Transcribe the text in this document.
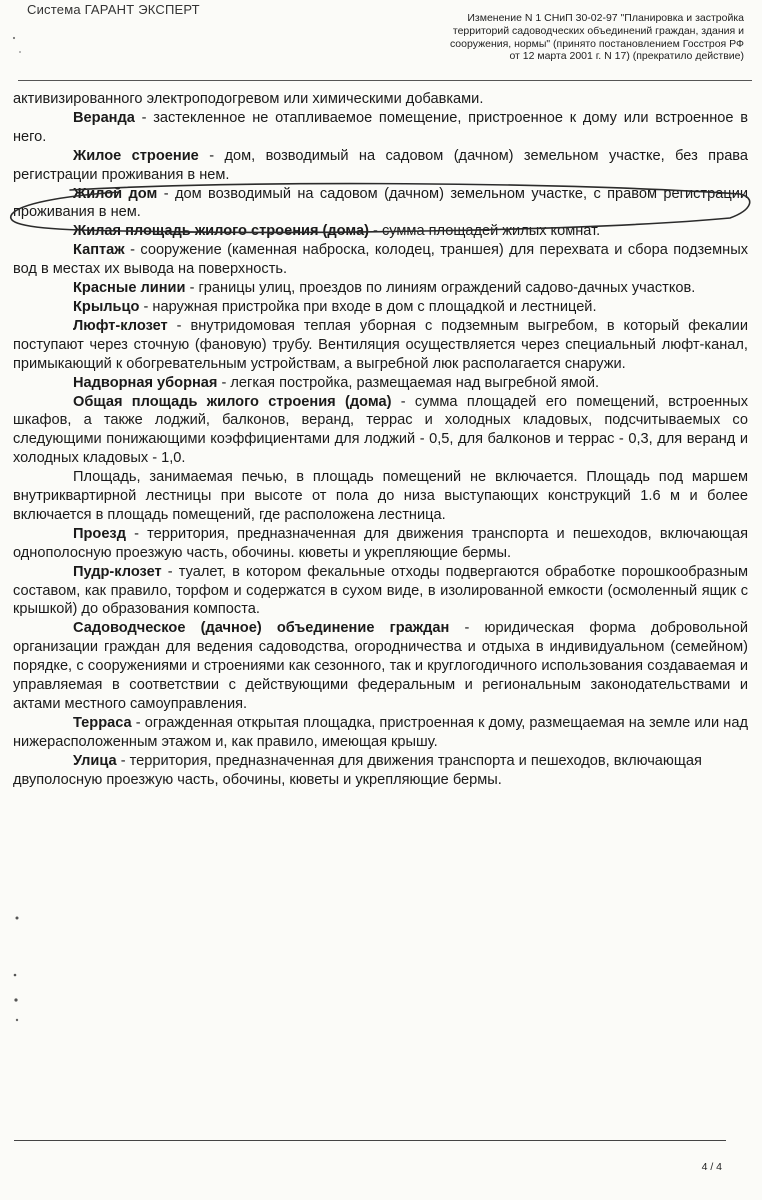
Система ГАРАНТ ЭКСПЕРТ
Изменение N 1 СНиП 30-02-97 "Планировка и застройка
территорий садоводческих объединений граждан, здания и
сооружения, нормы" (принято постановлением Госстроя РФ
от 12 марта 2001 г. N 17) (прекратило действие)

активизированного электроподогревом или химическими добавками.

Веранда - застекленное не отапливаемое помещение, пристроенное к дому или встроенное в него.

Жилое строение - дом, возводимый на садовом (дачном) земельном участке, без права регистрации проживания в нем.

Жилой дом - дом возводимый на садовом (дачном) земельном участке, с правом регистрации проживания в нем.

Жилая площадь жилого строения (дома) - сумма площадей жилых комнат.

Каптаж - сооружение (каменная наброска, колодец, траншея) для перехвата и сбора подземных вод в местах их вывода на поверхность.

Красные линии - границы улиц, проездов по линиям ограждений садово-дачных участков.

Крыльцо - наружная пристройка при входе в дом с площадкой и лестницей.

Люфт-клозет - внутридомовая теплая уборная с подземным выгребом, в который фекалии поступают через сточную (фановую) трубу. Вентиляция осуществляется через специальный люфт-канал, примыкающий к обогревательным устройствам, а выгребной люк располагается снаружи.

Надворная уборная - легкая постройка, размещаемая над выгребной ямой.

Общая площадь жилого строения (дома) - сумма площадей его помещений, встроенных шкафов, а также лоджий, балконов, веранд, террас и холодных кладовых, подсчитываемых со следующими понижающими коэффициентами для лоджий - 0,5, для балконов и террас - 0,3, для веранд и холодных кладовых - 1,0.

Площадь, занимаемая печью, в площадь помещений не включается. Площадь под маршем внутриквартирной лестницы при высоте от пола до низа выступающих конструкций 1.6 м и более включается в площадь помещений, где расположена лестница.

Проезд - территория, предназначенная для движения транспорта и пешеходов, включающая однополосную проезжую часть, обочины. кюветы и укрепляющие бермы.

Пудр-клозет - туалет, в котором фекальные отходы подвергаются обработке порошкообразным составом, как правило, торфом и содержатся в сухом виде, в изолированной емкости (осмоленный ящик с крышкой) до образования компоста.

Садоводческое (дачное) объединение граждан - юридическая форма добровольной организации граждан для ведения садоводства, огородничества и отдыха в индивидуальном (семейном) порядке, с сооружениями и строениями как сезонного, так и круглогодичного использования создаваемая и управляемая в соответствии с действующими федеральным и региональным законодательствами и актами местного самоуправления.

Терраса - огражденная открытая площадка, пристроенная к дому, размещаемая на земле или над нижерасположенным этажом и, как правило, имеющая крышу.

Улица - территория, предназначенная для движения транспорта и пешеходов, включающая двуполосную проезжую часть, обочины, кюветы и укрепляющие бермы.

4 / 4
